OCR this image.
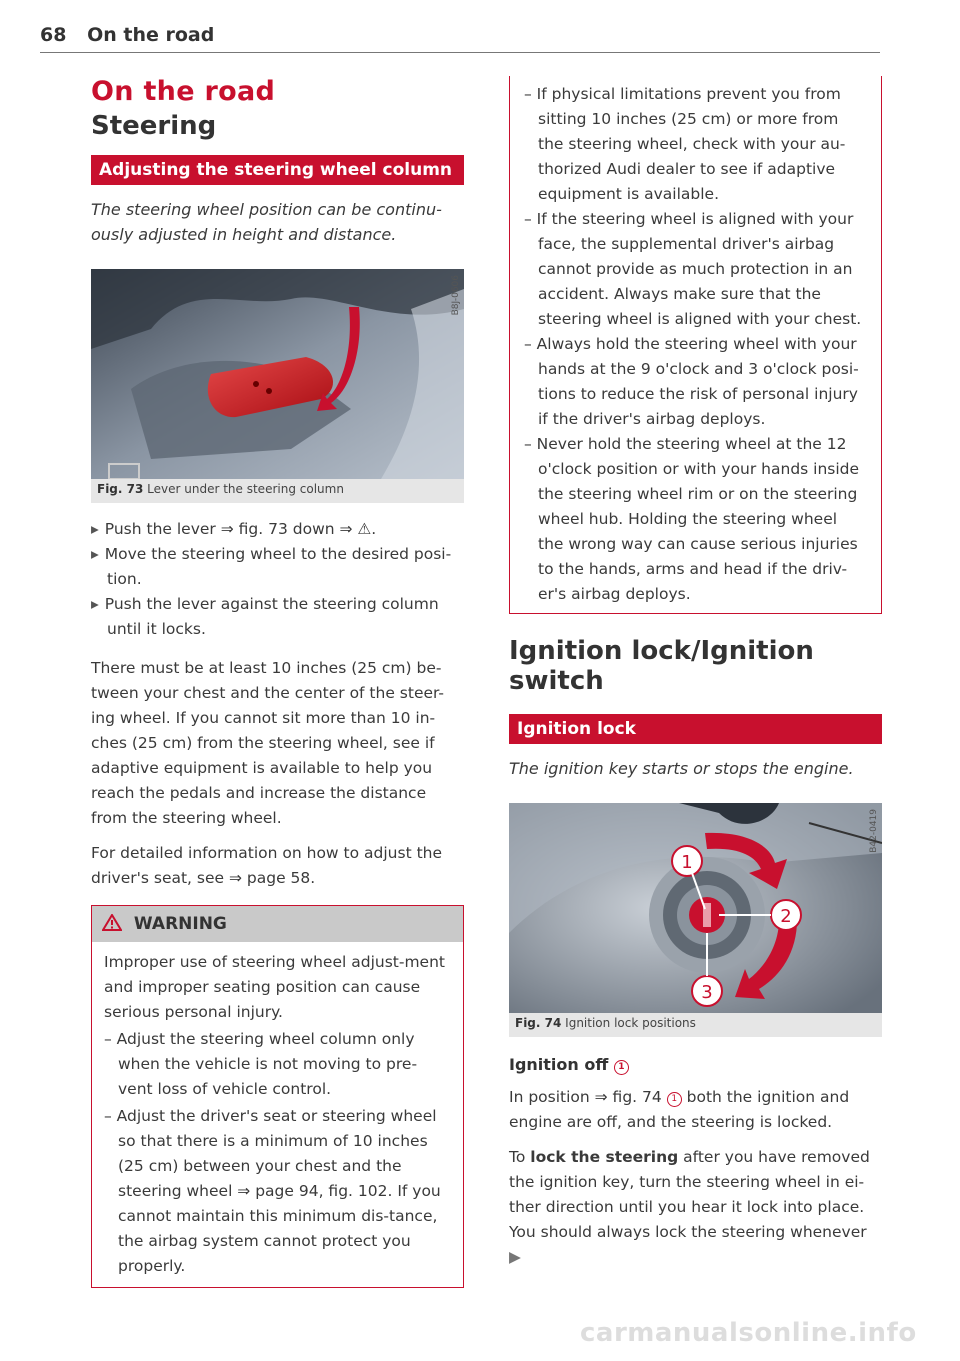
68 On the road
On the road
Steering
Adjusting the steering wheel column

The steering wheel position can be continu-ously adjusted in height and distance.

B8J-0606
Fig. 73 Lever under the steering column
▸ Push the lever ⇒ fig. 73 down ⇒ ⚠.
▸ Move the steering wheel to the desired posi-tion.
▸ Push the lever against the steering column until it locks.

There must be at least 10 inches (25 cm) be-tween your chest and the center of the steer-ing wheel. If you cannot sit more than 10 in-ches (25 cm) from the steering wheel, see if adaptive equipment is available to help you reach the pedals and increase the distance from the steering wheel.

For detailed information on how to adjust the driver's seat, see ⇒ page 58.

WARNING

Improper use of steering wheel adjust-ment and improper seating position can cause serious personal injury.

– Adjust the steering wheel column only when the vehicle is not moving to pre-vent loss of vehicle control.

– Adjust the driver's seat or steering wheel so that there is a minimum of 10 inches (25 cm) between your chest and the steering wheel ⇒ page 94, fig. 102. If you cannot maintain this minimum dis-tance, the airbag system cannot protect you properly.

– If physical limitations prevent you from sitting 10 inches (25 cm) or more from the steering wheel, check with your au-thorized Audi dealer to see if adaptive equipment is available.
– If the steering wheel is aligned with your face, the supplemental driver's airbag cannot provide as much protection in an accident. Always make sure that the steering wheel is aligned with your chest.
– Always hold the steering wheel with your hands at the 9 o'clock and 3 o'clock posi-tions to reduce the risk of personal injury if the driver's airbag deploys.
– Never hold the steering wheel at the 12 o'clock position or with your hands inside the steering wheel rim or on the steering wheel hub. Holding the steering wheel the wrong way can cause serious injuries to the hands, arms and head if the driv-er's airbag deploys.
Ignition lock/Ignition switch
Ignition lock

The ignition key starts or stops the engine.

1
2
3
B42-0419
Fig. 74 Ignition lock positions
Ignition off 1

In position ⇒ fig. 74 1 both the ignition and engine are off, and the steering is locked.

To lock the steering after you have removed the ignition key, turn the steering wheel in ei-ther direction until you hear it lock into place. You should always lock the steering whenever ▶

carmanualsonline.info
